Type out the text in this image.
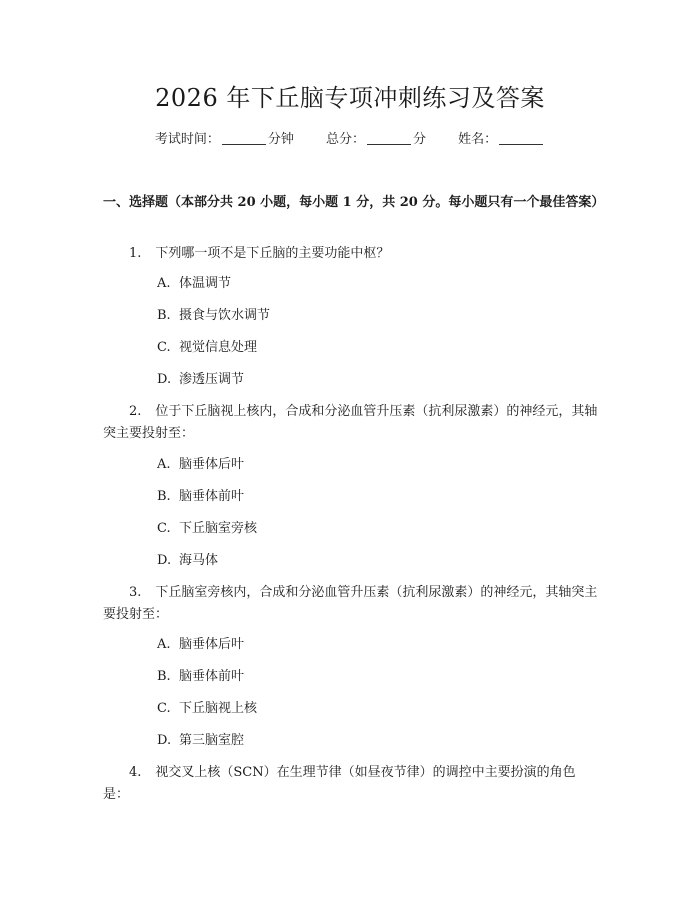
2026 年下丘脑专项冲刺练习及答案
考试时间：	分钟 总分：	分 姓名：
一、选择题（本部分共 20 小题，每小题 1 分，共 20 分。每小题只有一个最佳答案）
1. 下列哪一项不是下丘脑的主要功能中枢？
A. 体温调节
B. 摄食与饮水调节
C. 视觉信息处理
D. 渗透压调节
2. 位于下丘脑视上核内，合成和分泌血管升压素（抗利尿激素）的神经元，其轴突主要投射至：
A. 脑垂体后叶
B. 脑垂体前叶
C. 下丘脑室旁核
D. 海马体
3. 下丘脑室旁核内，合成和分泌血管升压素（抗利尿激素）的神经元，其轴突主要投射至：
A. 脑垂体后叶
B. 脑垂体前叶
C. 下丘脑视上核
D. 第三脑室腔
4. 视交叉上核（SCN）在生理节律（如昼夜节律）的调控中主要扮演的角色是：
